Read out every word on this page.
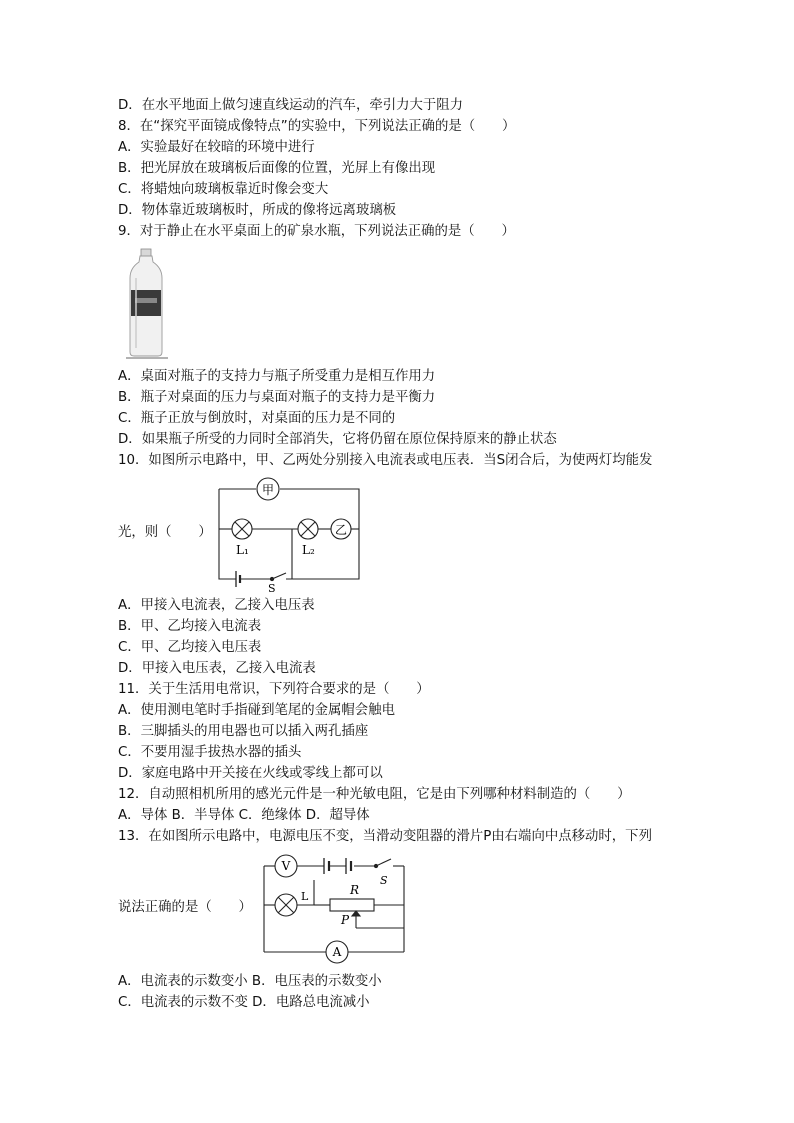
D．在水平地面上做匀速直线运动的汽车，牵引力大于阻力
8．在“探究平面镜成像特点”的实验中，下列说法正确的是（　　）
A．实验最好在较暗的环境中进行
B．把光屏放在玻璃板后面像的位置，光屏上有像出现
C．将蜡烛向玻璃板靠近时像会变大
D．物体靠近玻璃板时，所成的像将远离玻璃板
9．对于静止在水平桌面上的矿泉水瓶，下列说法正确的是（　　）
A．桌面对瓶子的支持力与瓶子所受重力是相互作用力
B．瓶子对桌面的压力与桌面对瓶子的支持力是平衡力
C．瓶子正放与倒放时，对桌面的压力是不同的
D．如果瓶子所受的力同时全部消失，它将仍留在原位保持原来的静止状态
10．如图所示电路中，甲、乙两处分别接入电流表或电压表．当S闭合后，为使两灯均能发
甲
乙
L₁	L₂
S
光，则（　　）
A．甲接入电流表，乙接入电压表
B．甲、乙均接入电流表
C．甲、乙均接入电压表
D．甲接入电压表，乙接入电流表
11．关于生活用电常识，下列符合要求的是（　　）
A．使用测电笔时手指碰到笔尾的金属帽会触电
B．三脚插头的用电器也可以插入两孔插座
C．不要用湿手拔热水器的插头
D．家庭电路中开关接在火线或零线上都可以
12．自动照相机所用的感光元件是一种光敏电阻，它是由下列哪种材料制造的（　　）
A．导体 B．半导体 C．绝缘体 D．超导体
13．在如图所示电路中，电源电压不变，当滑动变阻器的滑片P由右端向中点移动时，下列
V
A
L	R
P
S
说法正确的是（　　）
A．电流表的示数变小 B．电压表的示数变小
C．电流表的示数不变 D．电路总电流减小
